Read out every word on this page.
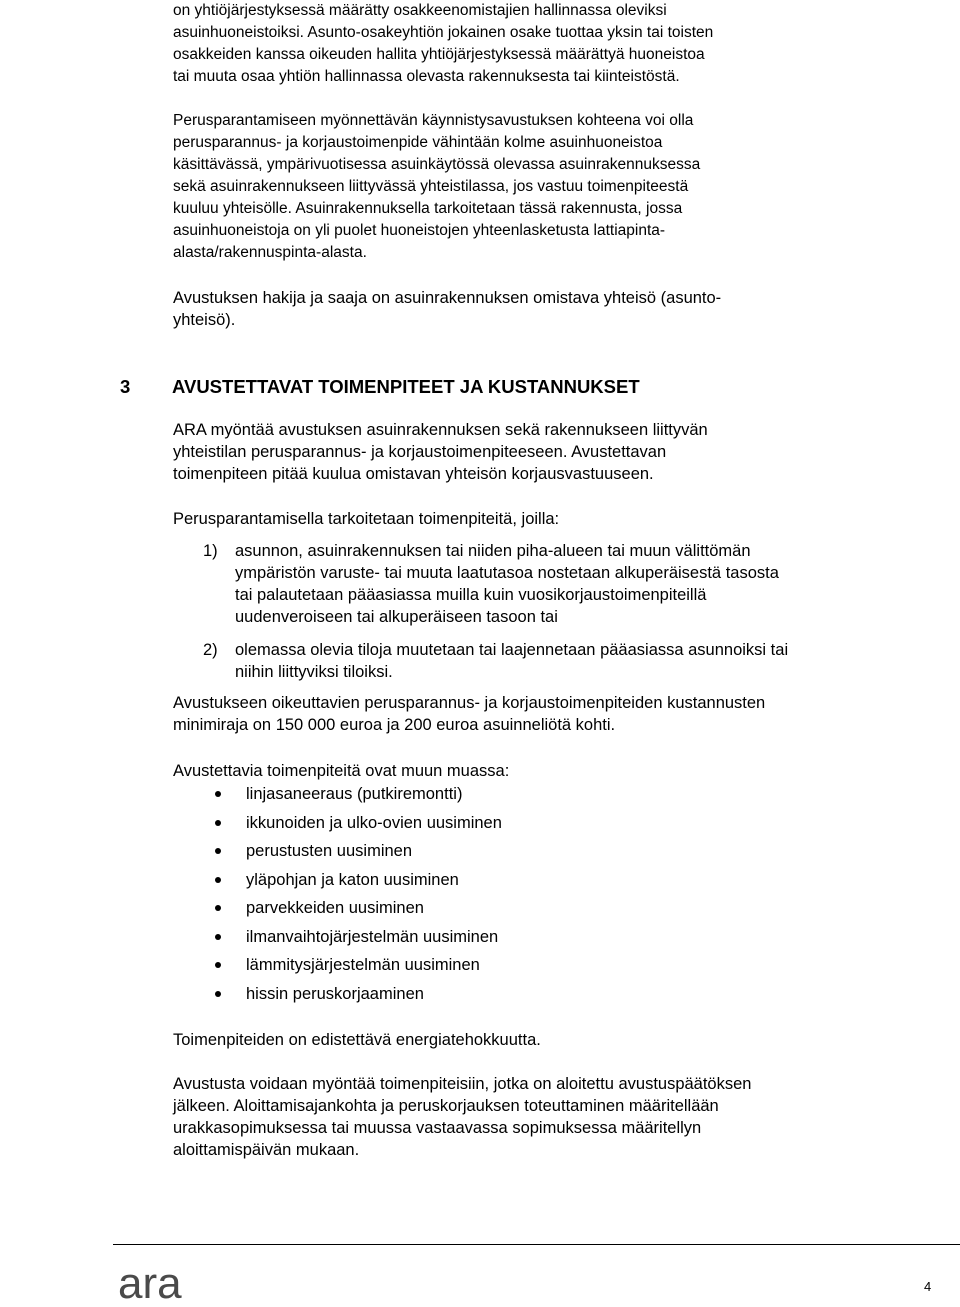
on yhtiöjärjestyksessä määrätty osakkeenomistajien hallinnassa oleviksi

asuinhuoneistoiksi. Asunto-osakeyhtiön jokainen osake tuottaa yksin tai toisten

osakkeiden kanssa oikeuden hallita yhtiöjärjestyksessä määrättyä huoneistoa

tai muuta osaa yhtiön hallinnassa olevasta rakennuksesta tai kiinteistöstä.

Perusparantamiseen myönnettävän käynnistysavustuksen kohteena voi olla

perusparannus- ja korjaustoimenpide vähintään kolme asuinhuoneistoa

käsittävässä, ympärivuotisessa asuinkäytössä olevassa asuinrakennuksessa

sekä asuinrakennukseen liittyvässä yhteistilassa, jos vastuu toimenpiteestä

kuuluu yhteisölle. Asuinrakennuksella tarkoitetaan tässä rakennusta, jossa

asuinhuoneistoja on yli puolet huoneistojen yhteenlasketusta lattiapinta-

alasta/rakennuspinta-alasta.

Avustuksen hakija ja saaja on asuinrakennuksen omistava yhteisö (asunto-

yhteisö).

3 AVUSTETTAVAT TOIMENPITEET JA KUSTANNUKSET

ARA myöntää avustuksen asuinrakennuksen sekä rakennukseen liittyvän

yhteistilan perusparannus- ja korjaustoimenpiteeseen. Avustettavan

toimenpiteen pitää kuulua omistavan yhteisön korjausvastuuseen.

Perusparantamisella tarkoitetaan toimenpiteitä, joilla:

1) asunnon, asuinrakennuksen tai niiden piha-alueen tai muun välittömän

ympäristön varuste- tai muuta laatutasoa nostetaan alkuperäisestä tasosta

tai palautetaan pääasiassa muilla kuin vuosikorjaustoimenpiteillä

uudenveroiseen tai alkuperäiseen tasoon tai

2) olemassa olevia tiloja muutetaan tai laajennetaan pääasiassa asunnoiksi tai

niihin liittyviksi tiloiksi.

Avustukseen oikeuttavien perusparannus- ja korjaustoimenpiteiden kustannusten

minimiraja on 150 000 euroa ja 200 euroa asuinneliötä kohti.

Avustettavia toimenpiteitä ovat muun muassa:

linjasaneeraus (putkiremontti)
ikkunoiden ja ulko-ovien uusiminen
perustusten uusiminen
yläpohjan ja katon uusiminen
parvekkeiden uusiminen
ilmanvaihtojärjestelmän uusiminen
lämmitysjärjestelmän uusiminen
hissin peruskorjaaminen

Toimenpiteiden on edistettävä energiatehokkuutta.

Avustusta voidaan myöntää toimenpiteisiin, jotka on aloitettu avustuspäätöksen

jälkeen. Aloittamisajankohta ja peruskorjauksen toteuttaminen määritellään

urakkasopimuksessa tai muussa vastaavassa sopimuksessa määritellyn

aloittamispäivän mukaan.

ara	4
